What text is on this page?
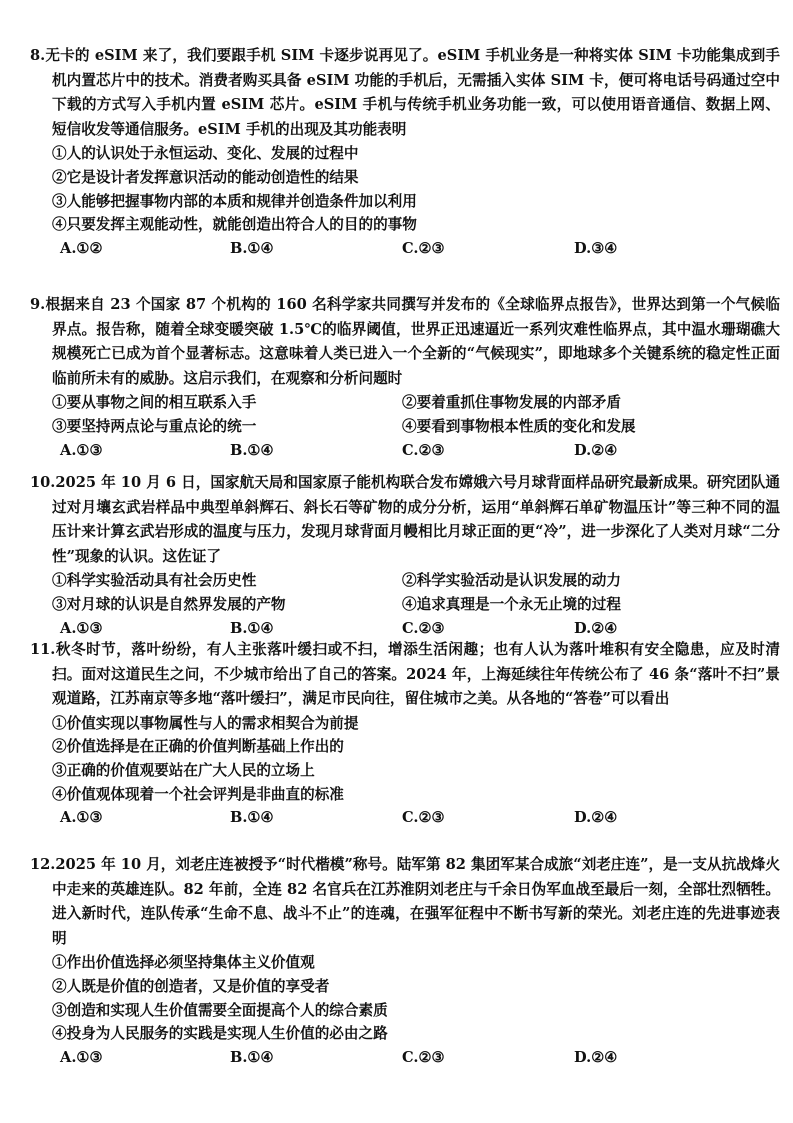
8.无卡的 eSIM 来了，我们要跟手机 SIM 卡逐步说再见了。eSIM 手机业务是一种将实体 SIM 卡功能集成到手机内置芯片中的技术。消费者购买具备 eSIM 功能的手机后，无需插入实体 SIM 卡，便可将电话号码通过空中下载的方式写入手机内置 eSIM 芯片。eSIM 手机与传统手机业务功能一致，可以使用语音通信、数据上网、短信收发等通信服务。eSIM 手机的出现及其功能表明

①人的认识处于永恒运动、变化、发展的过程中

②它是设计者发挥意识活动的能动创造性的结果

③人能够把握事物内部的本质和规律并创造条件加以利用

④只要发挥主观能动性，就能创造出符合人的目的的事物

A.①②	B.①④	C.②③	D.③④

9.根据来自 23 个国家 87 个机构的 160 名科学家共同撰写并发布的《全球临界点报告》，世界达到第一个气候临界点。报告称，随着全球变暖突破 1.5℃的临界阈值，世界正迅速逼近一系列灾难性临界点，其中温水珊瑚礁大规模死亡已成为首个显著标志。这意味着人类已进入一个全新的“气候现实”，即地球多个关键系统的稳定性正面临前所未有的威胁。这启示我们，在观察和分析问题时

①要从事物之间的相互联系入手	②要着重抓住事物发展的内部矛盾
③要坚持两点论与重点论的统一	④要看到事物根本性质的变化和发展
A.①③	B.①④	C.②③	D.②④

10.2025 年 10 月 6 日，国家航天局和国家原子能机构联合发布嫦娥六号月球背面样品研究最新成果。研究团队通过对月壤玄武岩样品中典型单斜辉石、斜长石等矿物的成分分析，运用“单斜辉石单矿物温压计”等三种不同的温压计来计算玄武岩形成的温度与压力，发现月球背面月幔相比月球正面的更“冷”，进一步深化了人类对月球“二分性”现象的认识。这佐证了

①科学实验活动具有社会历史性	②科学实验活动是认识发展的动力
③对月球的认识是自然界发展的产物	④追求真理是一个永无止境的过程
A.①③	B.①④	C.②③	D.②④

11.秋冬时节，落叶纷纷，有人主张落叶缓扫或不扫，增添生活闲趣；也有人认为落叶堆积有安全隐患，应及时清扫。面对这道民生之问，不少城市给出了自己的答案。2024 年，上海延续往年传统公布了 46 条“落叶不扫”景观道路，江苏南京等多地“落叶缓扫”，满足市民向往，留住城市之美。从各地的“答卷”可以看出

①价值实现以事物属性与人的需求相契合为前提

②价值选择是在正确的价值判断基础上作出的

③正确的价值观要站在广大人民的立场上

④价值观体现着一个社会评判是非曲直的标准

A.①③	B.①④	C.②③	D.②④

12.2025 年 10 月，刘老庄连被授予“时代楷模”称号。陆军第 82 集团军某合成旅“刘老庄连”，是一支从抗战烽火中走来的英雄连队。82 年前，全连 82 名官兵在江苏淮阴刘老庄与千余日伪军血战至最后一刻，全部壮烈牺牲。进入新时代，连队传承“生命不息、战斗不止”的连魂，在强军征程中不断书写新的荣光。刘老庄连的先进事迹表明

①作出价值选择必须坚持集体主义价值观

②人既是价值的创造者，又是价值的享受者

③创造和实现人生价值需要全面提高个人的综合素质

④投身为人民服务的实践是实现人生价值的必由之路

A.①③	B.①④	C.②③	D.②④
